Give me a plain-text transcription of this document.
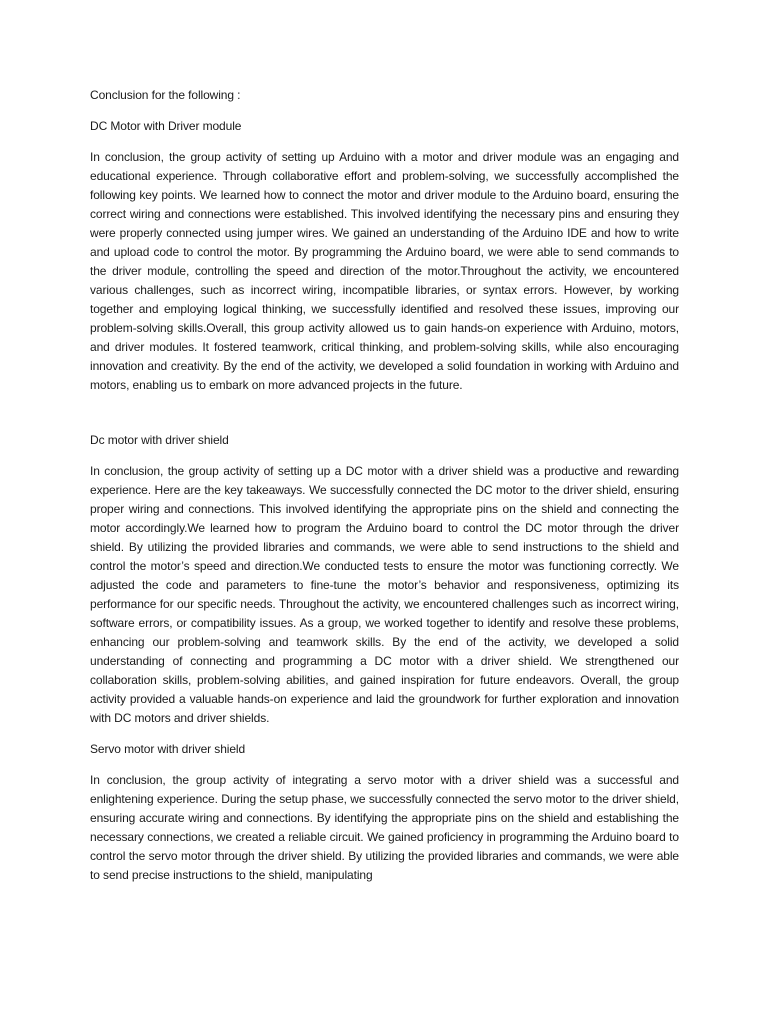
Conclusion for the following :
DC Motor with Driver module

In conclusion, the group activity of setting up Arduino with a motor and driver module was an engaging and educational experience. Through collaborative effort and problem-solving, we successfully accomplished the following key points. We learned how to connect the motor and driver module to the Arduino board, ensuring the correct wiring and connections were established. This involved identifying the necessary pins and ensuring they were properly connected using jumper wires. We gained an understanding of the Arduino IDE and how to write and upload code to control the motor. By programming the Arduino board, we were able to send commands to the driver module, controlling the speed and direction of the motor.Throughout the activity, we encountered various challenges, such as incorrect wiring, incompatible libraries, or syntax errors. However, by working together and employing logical thinking, we successfully identified and resolved these issues, improving our problem-solving skills.Overall, this group activity allowed us to gain hands-on experience with Arduino, motors, and driver modules. It fostered teamwork, critical thinking, and problem-solving skills, while also encouraging innovation and creativity. By the end of the activity, we developed a solid foundation in working with Arduino and motors, enabling us to embark on more advanced projects in the future.

Dc motor with driver shield

In conclusion, the group activity of setting up a DC motor with a driver shield was a productive and rewarding experience. Here are the key takeaways. We successfully connected the DC motor to the driver shield, ensuring proper wiring and connections. This involved identifying the appropriate pins on the shield and connecting the motor accordingly.We learned how to program the Arduino board to control the DC motor through the driver shield. By utilizing the provided libraries and commands, we were able to send instructions to the shield and control the motor’s speed and direction.We conducted tests to ensure the motor was functioning correctly. We adjusted the code and parameters to fine-tune the motor’s behavior and responsiveness, optimizing its performance for our specific needs. Throughout the activity, we encountered challenges such as incorrect wiring, software errors, or compatibility issues. As a group, we worked together to identify and resolve these problems, enhancing our problem-solving and teamwork skills. By the end of the activity, we developed a solid understanding of connecting and programming a DC motor with a driver shield. We strengthened our collaboration skills, problem-solving abilities, and gained inspiration for future endeavors. Overall, the group activity provided a valuable hands-on experience and laid the groundwork for further exploration and innovation with DC motors and driver shields.

Servo motor with driver shield

In conclusion, the group activity of integrating a servo motor with a driver shield was a successful and enlightening experience. During the setup phase, we successfully connected the servo motor to the driver shield, ensuring accurate wiring and connections. By identifying the appropriate pins on the shield and establishing the necessary connections, we created a reliable circuit. We gained proficiency in programming the Arduino board to control the servo motor through the driver shield. By utilizing the provided libraries and commands, we were able to send precise instructions to the shield, manipulating
